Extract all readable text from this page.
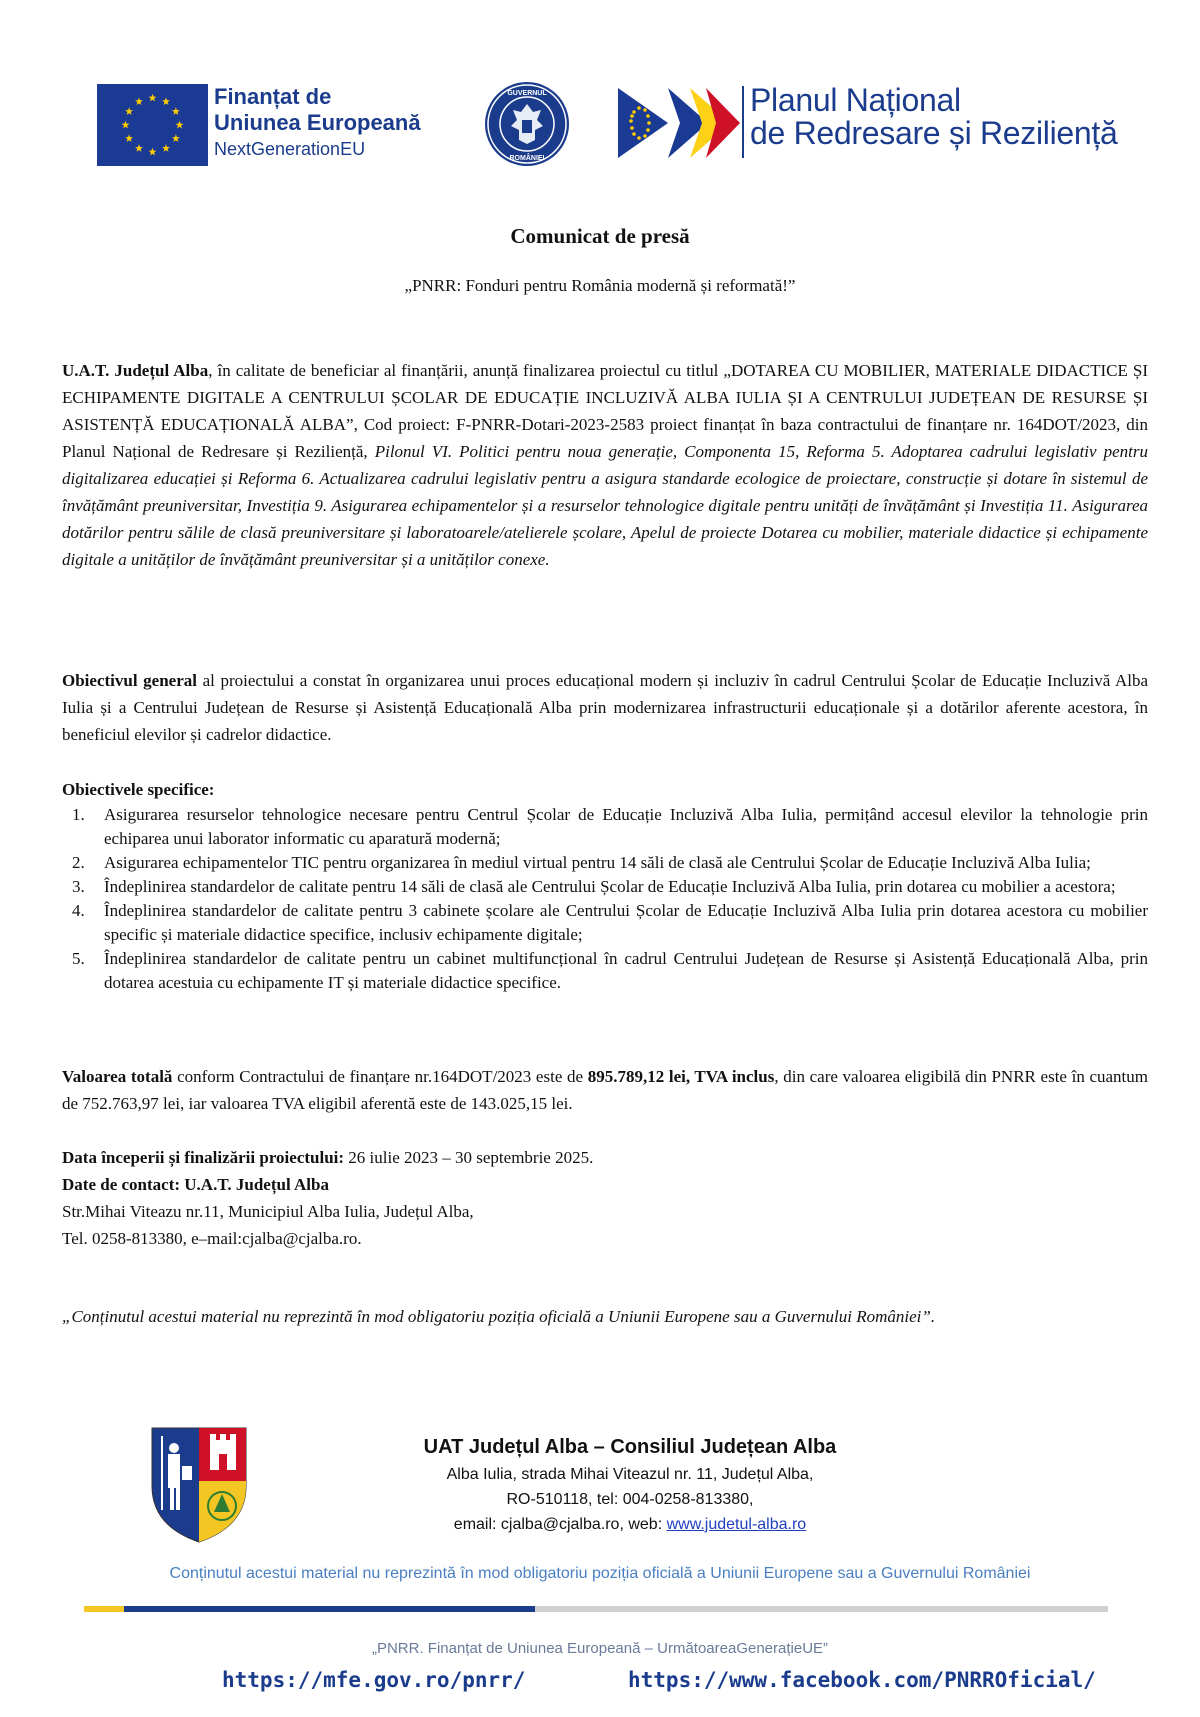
Finanțat de
Uniunea Europeană
NextGenerationEU
GUVERNUL
ROMÂNIEI
Planul Național
de Redresare și Reziliență
Comunicat de presă
„PNRR: Fonduri pentru România modernă și reformată!”
U.A.T. Județul Alba, în calitate de beneficiar al finanțării, anunță finalizarea proiectul cu titlul „DOTAREA CU MOBILIER, MATERIALE DIDACTICE ȘI ECHIPAMENTE DIGITALE A CENTRULUI ȘCOLAR DE EDUCAȚIE INCLUZIVĂ ALBA IULIA ȘI A CENTRULUI JUDEȚEAN DE RESURSE ȘI ASISTENȚĂ EDUCAȚIONALĂ ALBA”, Cod proiect: F-PNRR-Dotari-2023-2583 proiect finanțat în baza contractului de finanțare nr. 164DOT/2023, din Planul Național de Redresare și Reziliență, Pilonul VI. Politici pentru noua generație, Componenta 15, Reforma 5. Adoptarea cadrului legislativ pentru digitalizarea educației și Reforma 6. Actualizarea cadrului legislativ pentru a asigura standarde ecologice de proiectare, construcție și dotare în sistemul de învățământ preuniversitar, Investiția 9. Asigurarea echipamentelor și a resurselor tehnologice digitale pentru unități de învățământ și Investiția 11. Asigurarea dotărilor pentru sălile de clasă preuniversitare și laboratoarele/atelierele școlare, Apelul de proiecte Dotarea cu mobilier, materiale didactice și echipamente digitale a unităților de învățământ preuniversitar și a unităților conexe.
Obiectivul general al proiectului a constat în organizarea unui proces educațional modern și incluziv în cadrul Centrului Școlar de Educație Incluzivă Alba Iulia și a Centrului Județean de Resurse și Asistență Educațională Alba prin modernizarea infrastructurii educaționale și a dotărilor aferente acestora, în beneficiul elevilor și cadrelor didactice.
Obiectivele specifice:
1. Asigurarea resurselor tehnologice necesare pentru Centrul Școlar de Educație Incluzivă Alba Iulia, permițând accesul elevilor la tehnologie prin echiparea unui laborator informatic cu aparatură modernă;
2. Asigurarea echipamentelor TIC pentru organizarea în mediul virtual pentru 14 săli de clasă ale Centrului Școlar de Educație Incluzivă Alba Iulia;
3. Îndeplinirea standardelor de calitate pentru 14 săli de clasă ale Centrului Școlar de Educație Incluzivă Alba Iulia, prin dotarea cu mobilier a acestora;
4. Îndeplinirea standardelor de calitate pentru 3 cabinete școlare ale Centrului Școlar de Educație Incluzivă Alba Iulia prin dotarea acestora cu mobilier specific și materiale didactice specifice, inclusiv echipamente digitale;
5. Îndeplinirea standardelor de calitate pentru un cabinet multifuncțional în cadrul Centrului Județean de Resurse și Asistență Educațională Alba, prin dotarea acestuia cu echipamente IT și materiale didactice specifice.
Valoarea totală conform Contractului de finanțare nr.164DOT/2023 este de 895.789,12 lei, TVA inclus, din care valoarea eligibilă din PNRR este în cuantum de 752.763,97 lei, iar valoarea TVA eligibil aferentă este de 143.025,15 lei.
Data începerii și finalizării proiectului: 26 iulie 2023 – 30 septembrie 2025.
Date de contact: U.A.T. Județul Alba
Str.Mihai Viteazu nr.11, Municipiul Alba Iulia, Județul Alba,
Tel. 0258-813380, e–mail:cjalba@cjalba.ro.
„Conținutul acestui material nu reprezintă în mod obligatoriu poziția oficială a Uniunii Europene sau a Guvernului României”.
UAT Județul Alba – Consiliul Județean Alba
Alba Iulia, strada Mihai Viteazul nr. 11, Județul Alba,
RO-510118, tel: 004-0258-813380,
email: cjalba@cjalba.ro, web: www.judetul-alba.ro
Conținutul acestui material nu reprezintă în mod obligatoriu poziția oficială a Uniunii Europene sau a Guvernului României
„PNRR. Finanțat de Uniunea Europeană – UrmătoareaGenerațieUE”
https://mfe.gov.ro/pnrr/	https://www.facebook.com/PNRROficial/
